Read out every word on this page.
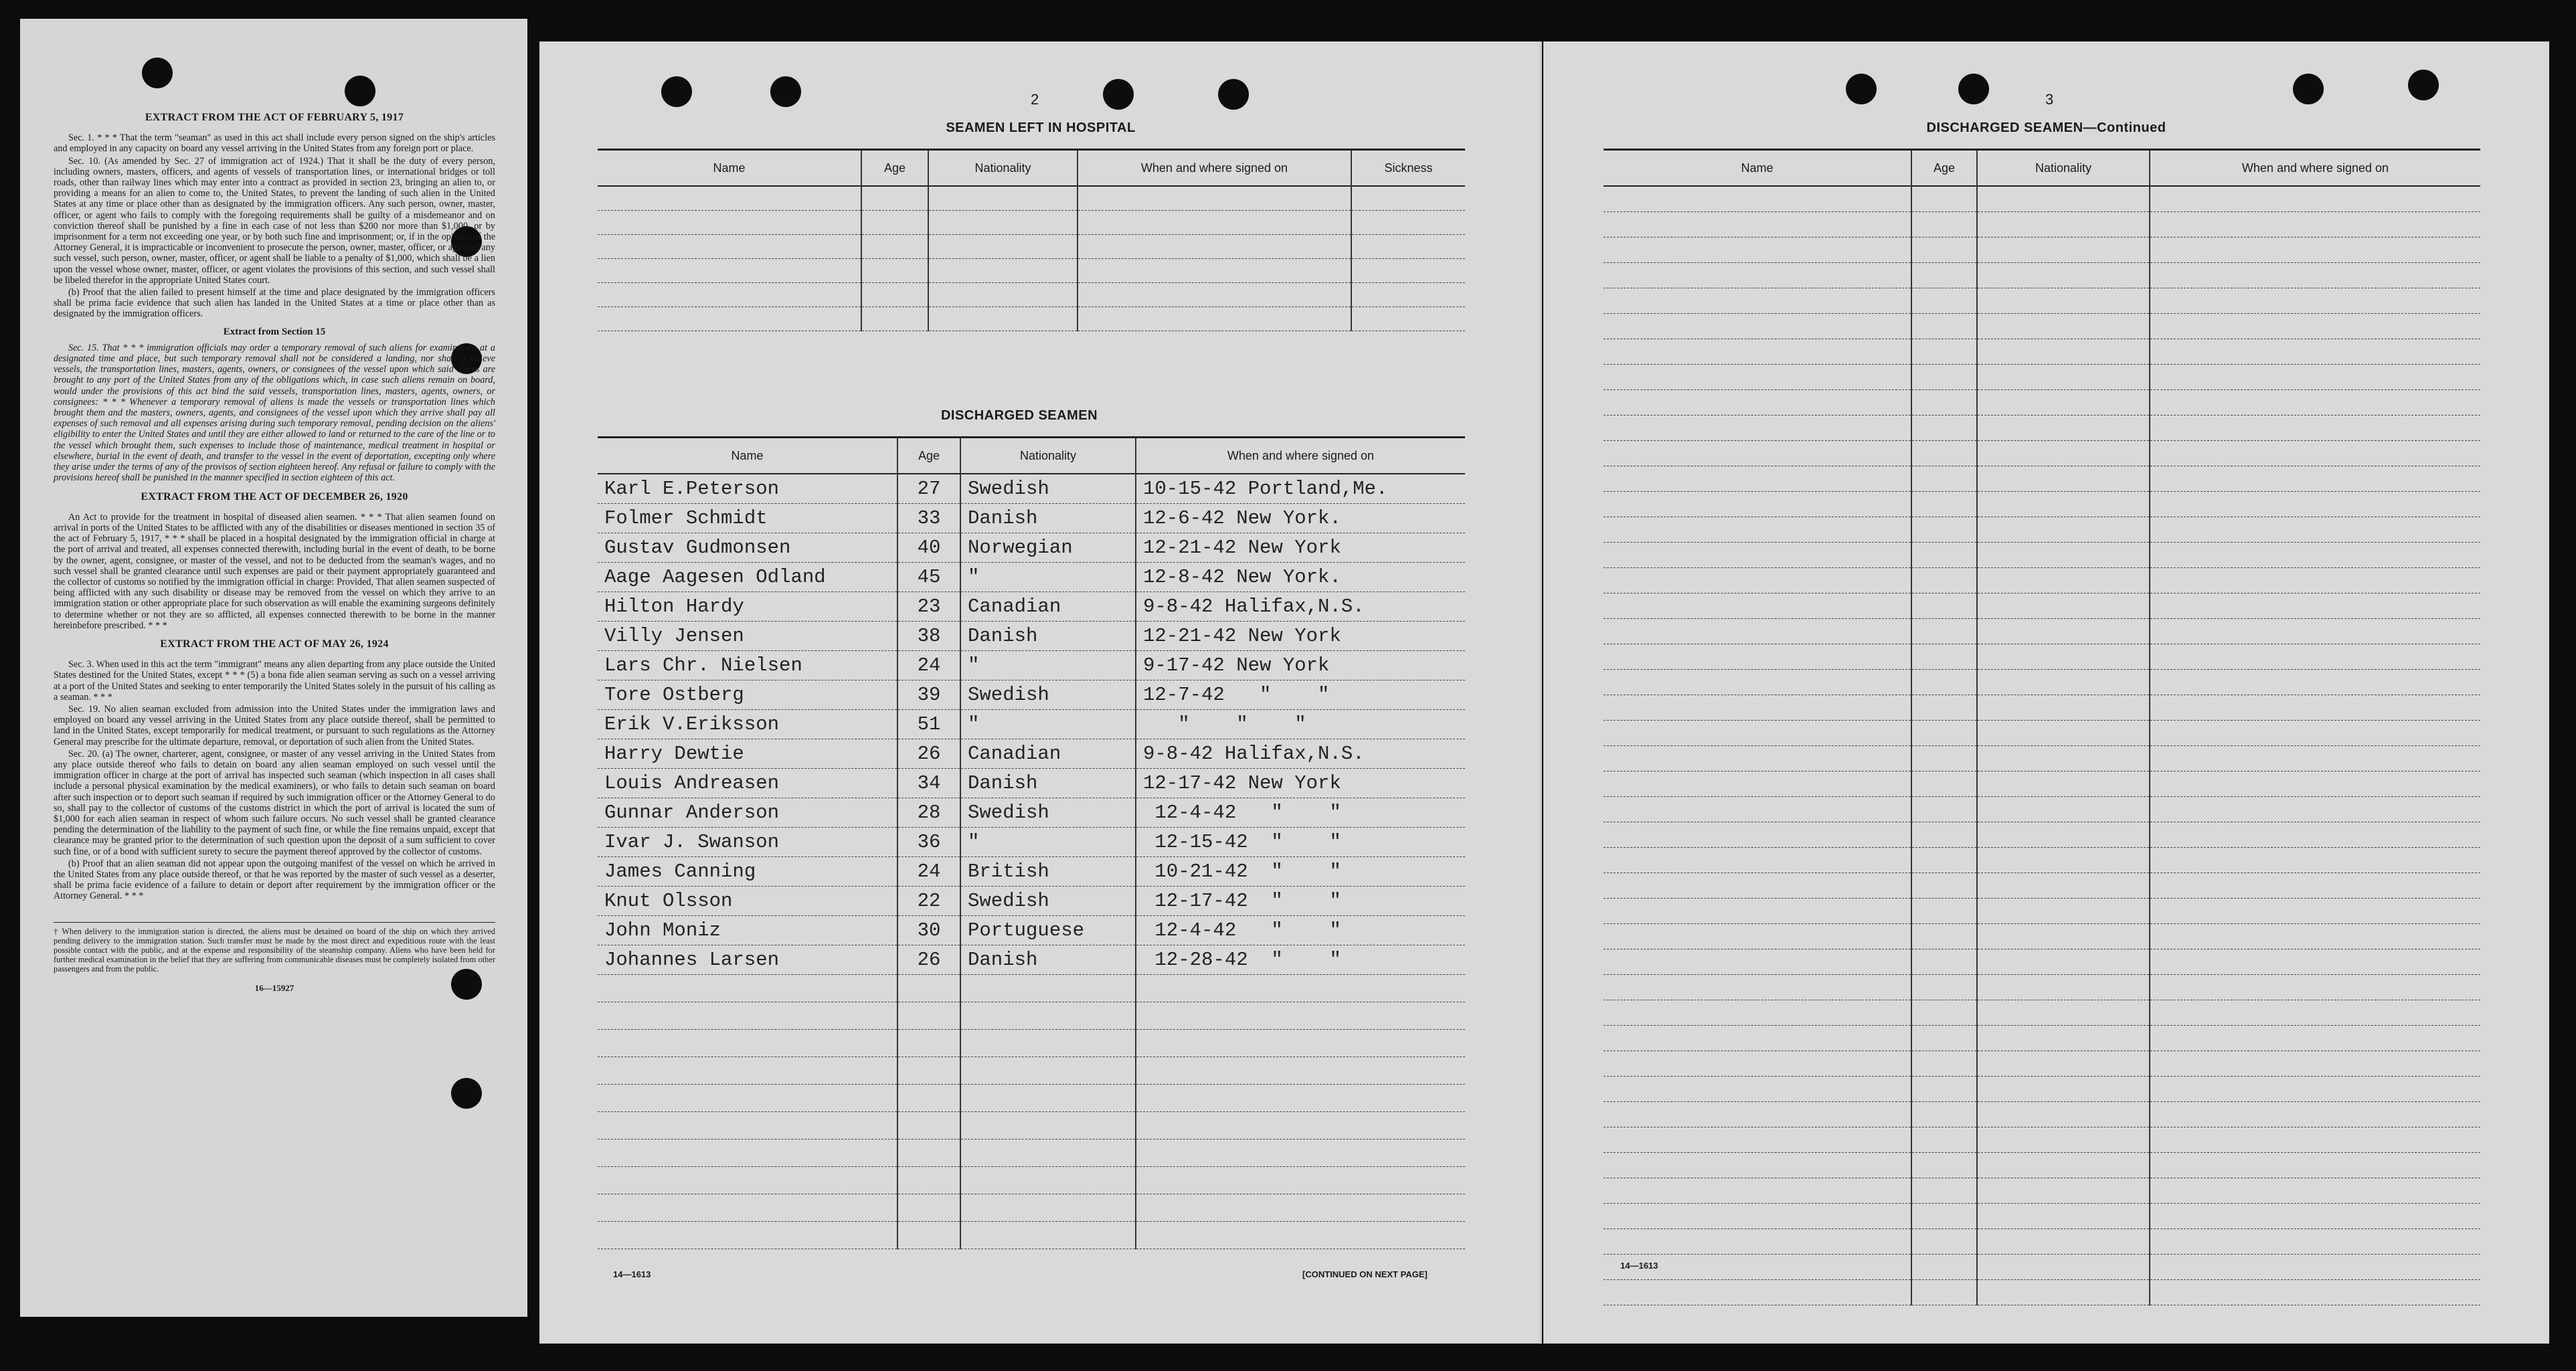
EXTRACT FROM THE ACT OF FEBRUARY 5, 1917

Sec. 1. * * * That the term "seaman" as used in this act shall include every person signed on the ship's articles and employed in any capacity on board any vessel arriving in the United States from any foreign port or place.

Sec. 10. (As amended by Sec. 27 of immigration act of 1924.) That it shall be the duty of every person, including owners, masters, officers, and agents of vessels of transportation lines, or international bridges or toll roads, other than railway lines which may enter into a contract as provided in section 23, bringing an alien to, or providing a means for an alien to come to, the United States, to prevent the landing of such alien in the United States at any time or place other than as designated by the immigration officers. Any such person, owner, master, officer, or agent who fails to comply with the foregoing requirements shall be guilty of a misdemeanor and on conviction thereof shall be punished by a fine in each case of not less than $200 nor more than $1,000, or by imprisonment for a term not exceeding one year, or by both such fine and imprisonment; or, if in the opinion of the Attorney General, it is impracticable or inconvenient to prosecute the person, owner, master, officer, or agent of any such vessel, such person, owner, master, officer, or agent shall be liable to a penalty of $1,000, which shall be a lien upon the vessel whose owner, master, officer, or agent violates the provisions of this section, and such vessel shall be libeled therefor in the appropriate United States court.

(b) Proof that the alien failed to present himself at the time and place designated by the immigration officers shall be prima facie evidence that such alien has landed in the United States at a time or place other than as designated by the immigration officers.

Extract from Section 15

Sec. 15. That * * * immigration officials may order a temporary removal of such aliens for examination at a designated time and place, but such temporary removal shall not be considered a landing, nor shall it relieve vessels, the transportation lines, masters, agents, owners, or consignees of the vessel upon which said aliens are brought to any port of the United States from any of the obligations which, in case such aliens remain on board, would under the provisions of this act bind the said vessels, transportation lines, masters, agents, owners, or consignees: * * * Whenever a temporary removal of aliens is made the vessels or transportation lines which brought them and the masters, owners, agents, and consignees of the vessel upon which they arrive shall pay all expenses of such removal and all expenses arising during such temporary removal, pending decision on the aliens' eligibility to enter the United States and until they are either allowed to land or returned to the care of the line or to the vessel which brought them, such expenses to include those of maintenance, medical treatment in hospital or elsewhere, burial in the event of death, and transfer to the vessel in the event of deportation, excepting only where they arise under the terms of any of the provisos of section eighteen hereof. Any refusal or failure to comply with the provisions hereof shall be punished in the manner specified in section eighteen of this act.

EXTRACT FROM THE ACT OF DECEMBER 26, 1920

An Act to provide for the treatment in hospital of diseased alien seamen. * * * That alien seamen found on arrival in ports of the United States to be afflicted with any of the disabilities or diseases mentioned in section 35 of the act of February 5, 1917, * * * shall be placed in a hospital designated by the immigration official in charge at the port of arrival and treated, all expenses connected therewith, including burial in the event of death, to be borne by the owner, agent, consignee, or master of the vessel, and not to be deducted from the seaman's wages, and no such vessel shall be granted clearance until such expenses are paid or their payment appropriately guaranteed and the collector of customs so notified by the immigration official in charge: Provided, That alien seamen suspected of being afflicted with any such disability or disease may be removed from the vessel on which they arrive to an immigration station or other appropriate place for such observation as will enable the examining surgeons definitely to determine whether or not they are so afflicted, all expenses connected therewith to be borne in the manner hereinbefore prescribed. * * *

EXTRACT FROM THE ACT OF MAY 26, 1924

Sec. 3. When used in this act the term "immigrant" means any alien departing from any place outside the United States destined for the United States, except * * * (5) a bona fide alien seaman serving as such on a vessel arriving at a port of the United States and seeking to enter temporarily the United States solely in the pursuit of his calling as a seaman. * * *

Sec. 19. No alien seaman excluded from admission into the United States under the immigration laws and employed on board any vessel arriving in the United States from any place outside thereof, shall be permitted to land in the United States, except temporarily for medical treatment, or pursuant to such regulations as the Attorney General may prescribe for the ultimate departure, removal, or deportation of such alien from the United States.

Sec. 20. (a) The owner, charterer, agent, consignee, or master of any vessel arriving in the United States from any place outside thereof who fails to detain on board any alien seaman employed on such vessel until the immigration officer in charge at the port of arrival has inspected such seaman (which inspection in all cases shall include a personal physical examination by the medical examiners), or who fails to detain such seaman on board after such inspection or to deport such seaman if required by such immigration officer or the Attorney General to do so, shall pay to the collector of customs of the customs district in which the port of arrival is located the sum of $1,000 for each alien seaman in respect of whom such failure occurs. No such vessel shall be granted clearance pending the determination of the liability to the payment of such fine, or while the fine remains unpaid, except that clearance may be granted prior to the determination of such question upon the deposit of a sum sufficient to cover such fine, or of a bond with sufficient surety to secure the payment thereof approved by the collector of customs.

(b) Proof that an alien seaman did not appear upon the outgoing manifest of the vessel on which he arrived in the United States from any place outside thereof, or that he was reported by the master of such vessel as a deserter, shall be prima facie evidence of a failure to detain or deport after requirement by the immigration officer or the Attorney General. * * *

† When delivery to the immigration station is directed, the aliens must be detained on board of the ship on which they arrived pending delivery to the immigration station. Such transfer must be made by the most direct and expeditious route with the least possible contact with the public, and at the expense and responsibility of the steamship company. Aliens who have been held for further medical examination in the belief that they are suffering from communicable diseases must be completely isolated from other passengers and from the public.
16—15927
2
SEAMEN LEFT IN HOSPITAL
Name	Age	Nationality	When and where signed on	Sickness

DISCHARGED SEAMEN
Name	Age	Nationality	When and where signed on
Karl E.Peterson	27	Swedish	10-15-42 Portland,Me.
Folmer Schmidt	33	Danish	12-6-42 New York.
Gustav Gudmonsen	40	Norwegian	12-21-42 New York
Aage Aagesen Odland	45	"	12-8-42 New York.
Hilton Hardy	23	Canadian	9-8-42 Halifax,N.S.
Villy Jensen	38	Danish	12-21-42 New York
Lars Chr. Nielsen	24	"	9-17-42 New York
Tore Ostberg	39	Swedish	12-7-42   "    "
Erik V.Eriksson	51	"	"    "    "
Harry Dewtie	26	Canadian	9-8-42 Halifax,N.S.
Louis Andreasen	34	Danish	12-17-42 New York
Gunnar Anderson	28	Swedish	12-4-42   "    "
Ivar J. Swanson	36	"	12-15-42  "    "
James Canning	24	British	10-21-42  "    "
Knut Olsson	22	Swedish	12-17-42  "    "
John Moniz	30	Portuguese	12-4-42   "    "
Johannes Larsen	26	Danish	12-28-42  "    "

14—1613	[CONTINUED ON NEXT PAGE]
3
DISCHARGED SEAMEN—Continued
Name	Age	Nationality	When and where signed on

14—1613
